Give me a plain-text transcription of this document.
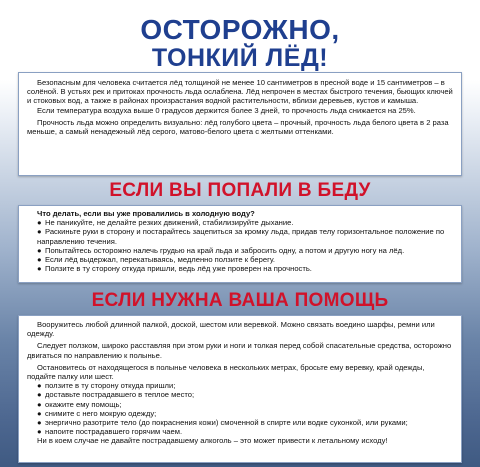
ОСТОРОЖНО,
ТОНКИЙ ЛЁД!

Безопасным для человека считается лёд толщиной не менее 10 сантиметров в пресной воде и 15 сантиметров – в солёной. В устьях рек и притоках прочность льда ослаблена. Лёд непрочен в местах быстрого течения, бьющих ключей и стоковых вод, а также в районах произрастания водной растительности, вблизи деревьев, кустов и камыша.

Если температура воздуха выше 0 градусов держится более 3 дней, то прочность льда снижается на 25%.

Прочность льда можно определить визуально: лёд голубого цвета – прочный, прочность льда белого цвета в 2 раза меньше, а самый ненадежный лёд серого, матово-белого цвета с желтыми оттенками.

ЕСЛИ ВЫ ПОПАЛИ В БЕДУ

Что делать, если вы уже провалились в холодную воду?

● Не паникуйте, не делайте резких движений, стабилизируйте дыхание.

● Раскиньте руки в сторону и постарайтесь зацепиться за кромку льда, придав телу горизонтальное положение по направлению течения.

● Попытайтесь осторожно налечь грудью на край льда и забросить одну, а потом и другую ногу на лёд.

● Если лёд выдержал, перекатываясь, медленно ползите к берегу.

● Ползите в ту сторону откуда пришли, ведь лёд уже проверен на прочность.

ЕСЛИ НУЖНА ВАША ПОМОЩЬ

Вооружитесь любой длинной палкой, доской, шестом или веревкой. Можно связать воедино шарфы, ремни или одежду.

Следует ползком, широко расставляя при этом руки и ноги и толкая перед собой спасательные средства, осторожно двигаться по направлению к полынье.

Остановитесь от находящегося в полынье человека в нескольких метрах, бросьте ему веревку, край одежды, подайте палку или шест.

● ползите в ту сторону откуда пришли;

● доставьте пострадавшего в теплое место;

● окажите ему помощь;

● снимите с него мокрую одежду;

● энергично разотрите тело (до покраснения кожи) смоченной в спирте или водке суконкой, или руками;

● напоите пострадавшего горячим чаем.

Ни в коем случае не давайте пострадавшему алкоголь – это может привести к летальному исходу!
